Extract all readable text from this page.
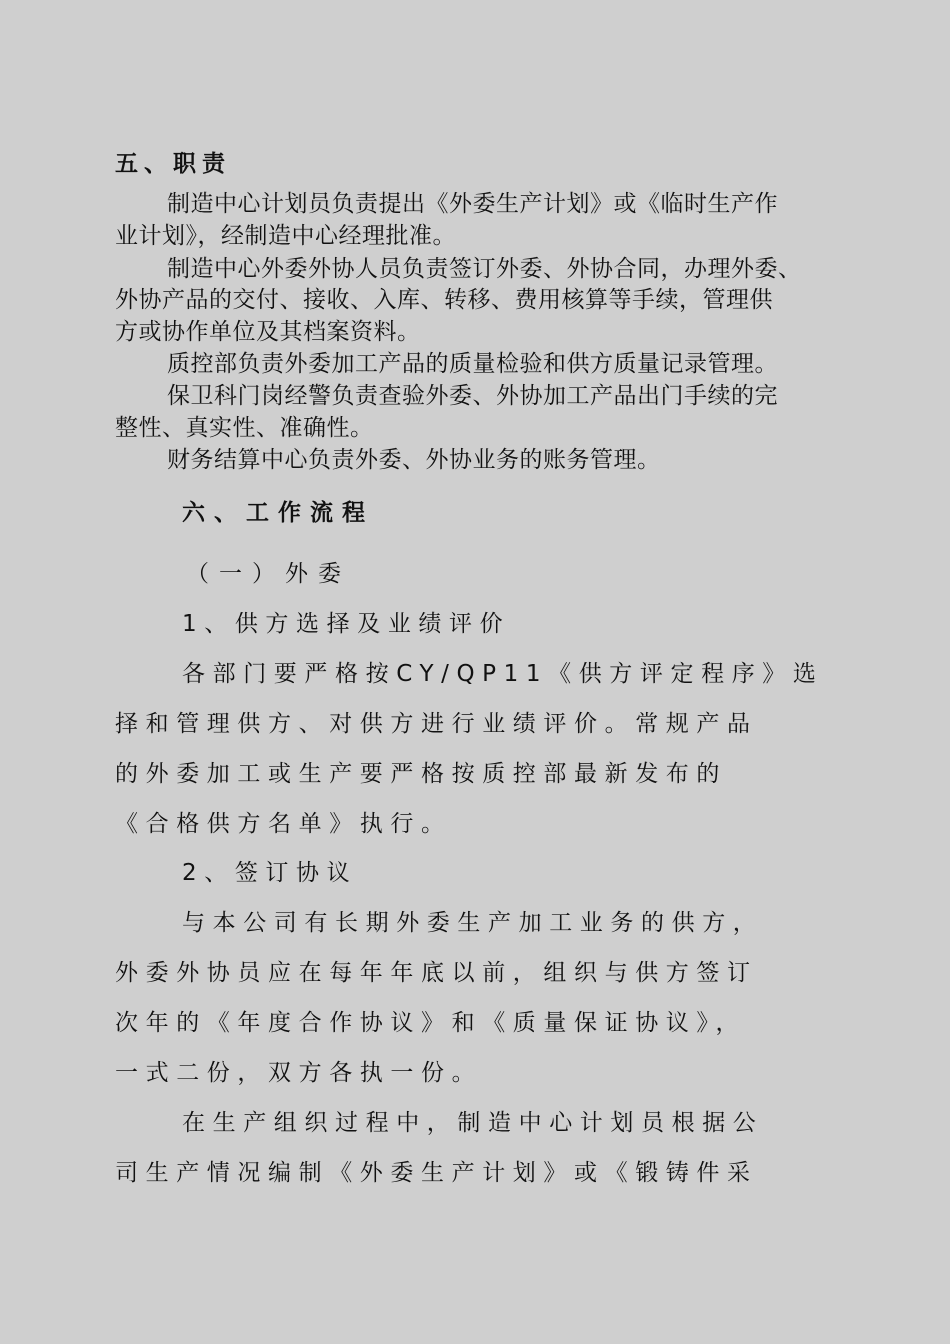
五、职责
制造中心计划员负责提出《外委生产计划》或《临时生产作
业计划》，经制造中心经理批准。
制造中心外委外协人员负责签订外委、外协合同，办理外委、
外协产品的交付、接收、入库、转移、费用核算等手续，管理供
方或协作单位及其档案资料。
质控部负责外委加工产品的质量检验和供方质量记录管理。
保卫科门岗经警负责查验外委、外协加工产品出门手续的完
整性、真实性、准确性。
财务结算中心负责外委、外协业务的账务管理。
六、工作流程
（一）外委
1、供方选择及业绩评价
各部门要严格按CY/QP11《供方评定程序》选
择和管理供方、对供方进行业绩评价。常规产品
的外委加工或生产要严格按质控部最新发布的
《合格供方名单》执行。
2、签订协议
与本公司有长期外委生产加工业务的供方，
外委外协员应在每年年底以前，组织与供方签订
次年的《年度合作协议》和《质量保证协议》，
一式二份，双方各执一份。
在生产组织过程中，制造中心计划员根据公
司生产情况编制《外委生产计划》或《锻铸件采
